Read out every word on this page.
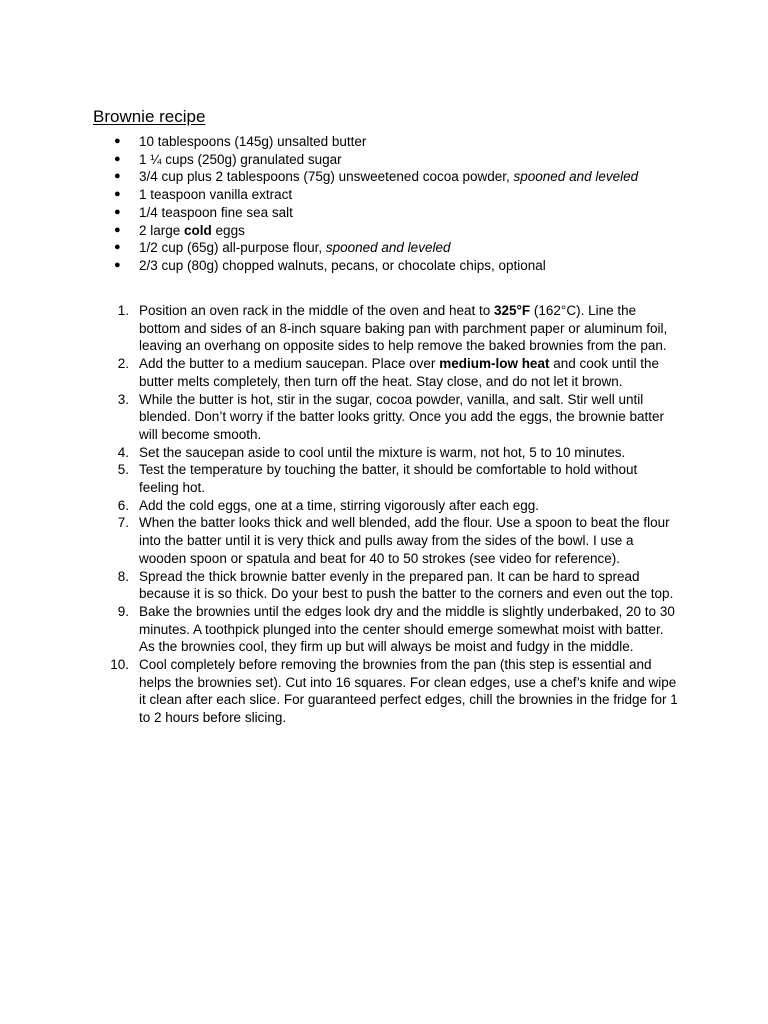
Brownie recipe
● 10 tablespoons (145g) unsalted butter
● 1 ¼ cups (250g) granulated sugar
● 3/4 cup plus 2 tablespoons (75g) unsweetened cocoa powder, spooned and leveled
● 1 teaspoon vanilla extract
● 1/4 teaspoon fine sea salt
● 2 large cold eggs
● 1/2 cup (65g) all-purpose flour, spooned and leveled
● 2/3 cup (80g) chopped walnuts, pecans, or chocolate chips, optional
1. Position an oven rack in the middle of the oven and heat to 325°F (162°C). Line the bottom and sides of an 8-inch square baking pan with parchment paper or aluminum foil, leaving an overhang on opposite sides to help remove the baked brownies from the pan.
2. Add the butter to a medium saucepan. Place over medium-low heat and cook until the butter melts completely, then turn off the heat. Stay close, and do not let it brown.
3. While the butter is hot, stir in the sugar, cocoa powder, vanilla, and salt. Stir well until blended. Don’t worry if the batter looks gritty. Once you add the eggs, the brownie batter will become smooth.
4. Set the saucepan aside to cool until the mixture is warm, not hot, 5 to 10 minutes.
5. Test the temperature by touching the batter, it should be comfortable to hold without feeling hot.
6. Add the cold eggs, one at a time, stirring vigorously after each egg.
7. When the batter looks thick and well blended, add the flour. Use a spoon to beat the flour into the batter until it is very thick and pulls away from the sides of the bowl. I use a wooden spoon or spatula and beat for 40 to 50 strokes (see video for reference).
8. Spread the thick brownie batter evenly in the prepared pan. It can be hard to spread because it is so thick. Do your best to push the batter to the corners and even out the top.
9. Bake the brownies until the edges look dry and the middle is slightly underbaked, 20 to 30 minutes. A toothpick plunged into the center should emerge somewhat moist with batter. As the brownies cool, they firm up but will always be moist and fudgy in the middle.
10. Cool completely before removing the brownies from the pan (this step is essential and helps the brownies set). Cut into 16 squares. For clean edges, use a chef’s knife and wipe it clean after each slice. For guaranteed perfect edges, chill the brownies in the fridge for 1 to 2 hours before slicing.
